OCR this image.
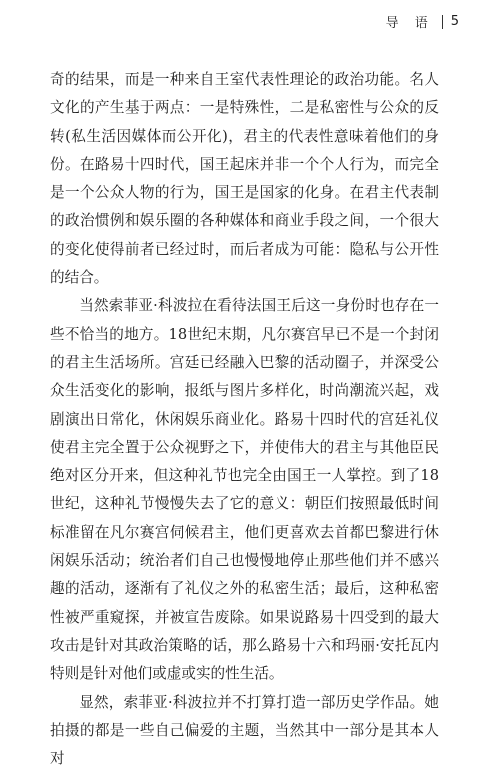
导 语 5

奇的结果，而是一种来自王室代表性理论的政治功能。名人文化的产生基于两点：一是特殊性，二是私密性与公众的反转(私生活因媒体而公开化)，君主的代表性意味着他们的身份。在路易十四时代，国王起床并非一个个人行为，而完全是一个公众人物的行为，国王是国家的化身。在君主代表制的政治惯例和娱乐圈的各种媒体和商业手段之间，一个很大的变化使得前者已经过时，而后者成为可能：隐私与公开性的结合。

当然索菲亚·科波拉在看待法国王后这一身份时也存在一些不恰当的地方。18世纪末期，凡尔赛宫早已不是一个封闭的君主生活场所。宫廷已经融入巴黎的活动圈子，并深受公众生活变化的影响，报纸与图片多样化，时尚潮流兴起，戏剧演出日常化，休闲娱乐商业化。路易十四时代的宫廷礼仪使君主完全置于公众视野之下，并使伟大的君主与其他臣民绝对区分开来，但这种礼节也完全由国王一人掌控。到了18世纪，这种礼节慢慢失去了它的意义：朝臣们按照最低时间标准留在凡尔赛宫伺候君主，他们更喜欢去首都巴黎进行休闲娱乐活动；统治者们自己也慢慢地停止那些他们并不感兴趣的活动，逐渐有了礼仪之外的私密生活；最后，这种私密性被严重窥探，并被宣告废除。如果说路易十四受到的最大攻击是针对其政治策略的话，那么路易十六和玛丽·安托瓦内特则是针对他们或虚或实的性生活。

显然，索菲亚·科波拉并不打算打造一部历史学作品。她拍摄的都是一些自己偏爱的主题，当然其中一部分是其本人对
